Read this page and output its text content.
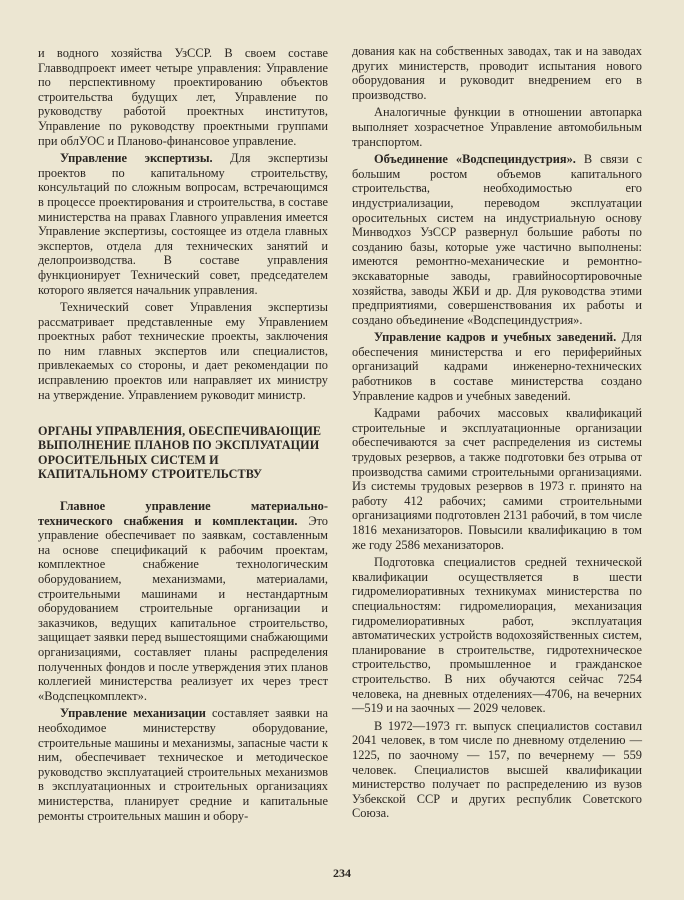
и водного хозяйства УзССР. В своем составе Главводпроект имеет четыре управления: Управление по перспективному проектированию объектов строительства будущих лет, Управление по руководству работой проектных институтов, Управление по руководству проектными группами при облУОС и Планово-финансовое управление.

Управление экспертизы. Для экспертизы проектов по капитальному строительству, консультаций по сложным вопросам, встречающимся в процессе проектирования и строительства, в составе министерства на правах Главного управления имеется Управление экспертизы, состоящее из отдела главных экспертов, отдела для технических занятий и делопроизводства. В составе управления функционирует Технический совет, председателем которого является начальник управления.

Технический совет Управления экспертизы рассматривает представленные ему Управлением проектных работ технические проекты, заключения по ним главных экспертов или специалистов, привлекаемых со стороны, и дает рекомендации по исправлению проектов или направляет их министру на утверждение. Управлением руководит министр.

ОРГАНЫ УПРАВЛЕНИЯ, ОБЕСПЕЧИВАЮЩИЕ ВЫПОЛНЕНИЕ ПЛАНОВ ПО ЭКСПЛУАТАЦИИ ОРОСИТЕЛЬНЫХ СИСТЕМ И КАПИТАЛЬНОМУ СТРОИТЕЛЬСТВУ

Главное управление материально-технического снабжения и комплектации. Это управление обеспечивает по заявкам, составленным на основе спецификаций к рабочим проектам, комплектное снабжение технологическим оборудованием, механизмами, материалами, строительными машинами и нестандартным оборудованием строительные организации и заказчиков, ведущих капитальное строительство, защищает заявки перед вышестоящими снабжающими организациями, составляет планы распределения полученных фондов и после утверждения этих планов коллегией министерства реализует их через трест «Водспецкомплект».

Управление механизации составляет заявки на необходимое министерству оборудование, строительные машины и механизмы, запасные части к ним, обеспечивает техническое и методическое руководство эксплуатацией строительных механизмов в эксплуатационных и строительных организациях министерства, планирует средние и капитальные ремонты строительных машин и обору-

дования как на собственных заводах, так и на заводах других министерств, проводит испытания нового оборудования и руководит внедрением его в производство.

Аналогичные функции в отношении автопарка выполняет хозрасчетное Управление автомобильным транспортом.

Объединение «Водспециндустрия». В связи с большим ростом объемов капитального строительства, необходимостью его индустриализации, переводом эксплуатации оросительных систем на индустриальную основу Минводхоз УзССР развернул большие работы по созданию базы, которые уже частично выполнены: имеются ремонтно-механические и ремонтно-экскаваторные заводы, гравийносортировочные хозяйства, заводы ЖБИ и др. Для руководства этими предприятиями, совершенствования их работы и создано объединение «Водспециндустрия».

Управление кадров и учебных заведений. Для обеспечения министерства и его периферийных организаций кадрами инженерно-технических работников в составе министерства создано Управление кадров и учебных заведений.

Кадрами рабочих массовых квалификаций строительные и эксплуатационные организации обеспечиваются за счет распределения из системы трудовых резервов, а также подготовки без отрыва от производства самими строительными организациями. Из системы трудовых резервов в 1973 г. принято на работу 412 рабочих; самими строительными организациями подготовлен 2131 рабочий, в том числе 1816 механизаторов. Повысили квалификацию в том же году 2586 механизаторов.

Подготовка специалистов средней технической квалификации осуществляется в шести гидромелиоративных техникумах министерства по специальностям: гидромелиорация, механизация гидромелиоративных работ, эксплуатация автоматических устройств водохозяйственных систем, планирование в строительстве, гидротехническое строительство, промышленное и гражданское строительство. В них обучаются сейчас 7254 человека, на дневных отделениях—4706, на вечерних—519 и на заочных — 2029 человек.

В 1972—1973 гг. выпуск специалистов составил 2041 человек, в том числе по дневному отделению — 1225, по заочному — 157, по вечернему — 559 человек. Специалистов высшей квалификации министерство получает по распределению из вузов Узбекской ССР и других республик Советского Союза.

234
